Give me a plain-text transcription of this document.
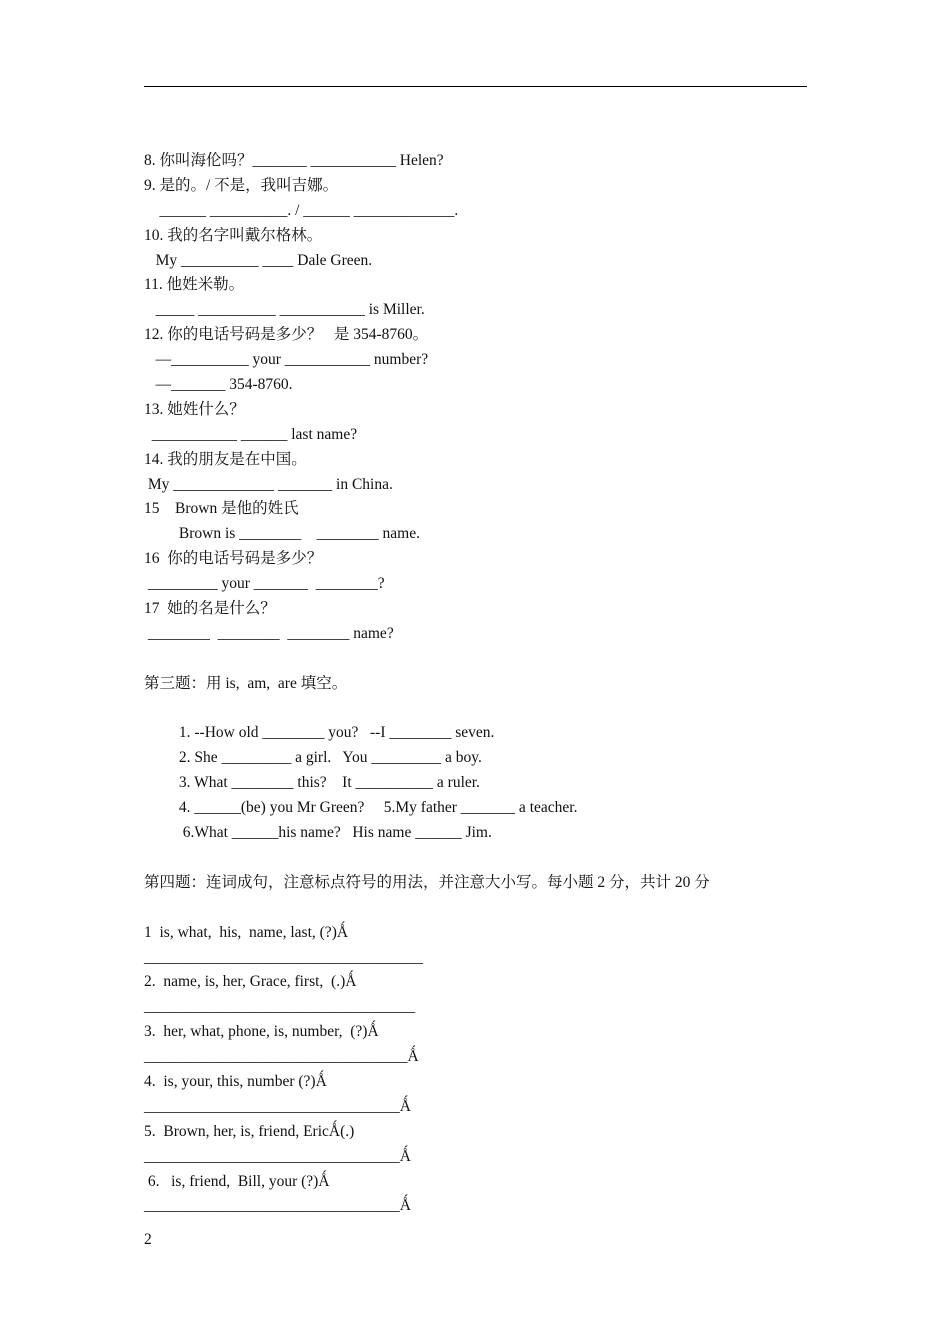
8. 你叫海伦吗？_______ ___________ Helen?
9. 是的。/ 不是，我叫吉娜。
______ __________. / ______ _____________.
10. 我的名字叫戴尔格林。
My __________ ____ Dale Green.
11. 他姓米勒。
_____ __________ ___________ is Miller.
12. 你的电话号码是多少？   是 354-8760。
—__________ your ___________ number?
—_______ 354-8760.
13. 她姓什么？
___________ ______ last name?
14. 我的朋友是在中国。
My _____________ _______ in China.
15    Brown 是他的姓氏
Brown is ________    ________ name.
16  你的电话号码是多少？
_________ your _______  ________?
17  她的名是什么？
________  ________  ________ name?
第三题：用 is,  am,  are 填空。
1. --How old ________ you?   --I ________ seven.
2. She _________ a girl.   You _________ a boy.
3. What ________ this?    It __________ a ruler.
4. ______(be) you Mr Green?     5.My father _______ a teacher.
6.What ______his name?   His name ______ Jim.
第四题：连词成句，注意标点符号的用法，并注意大小写。每小题 2 分，共计 20 分
1  is, what,  his,  name, last, (?)Ǻ
____________________________________
2.  name, is, her, Grace, first,  (.)Ǻ
___________________________________
3.  her, what, phone, is, number,  (?)Ǻ
__________________________________Ǻ
4.  is, your, this, number (?)Ǻ
_________________________________Ǻ
5.  Brown, her, is, friend, EricǺ(.)
_________________________________Ǻ
6.   is, friend,  Bill, your (?)Ǻ
_________________________________Ǻ
2
